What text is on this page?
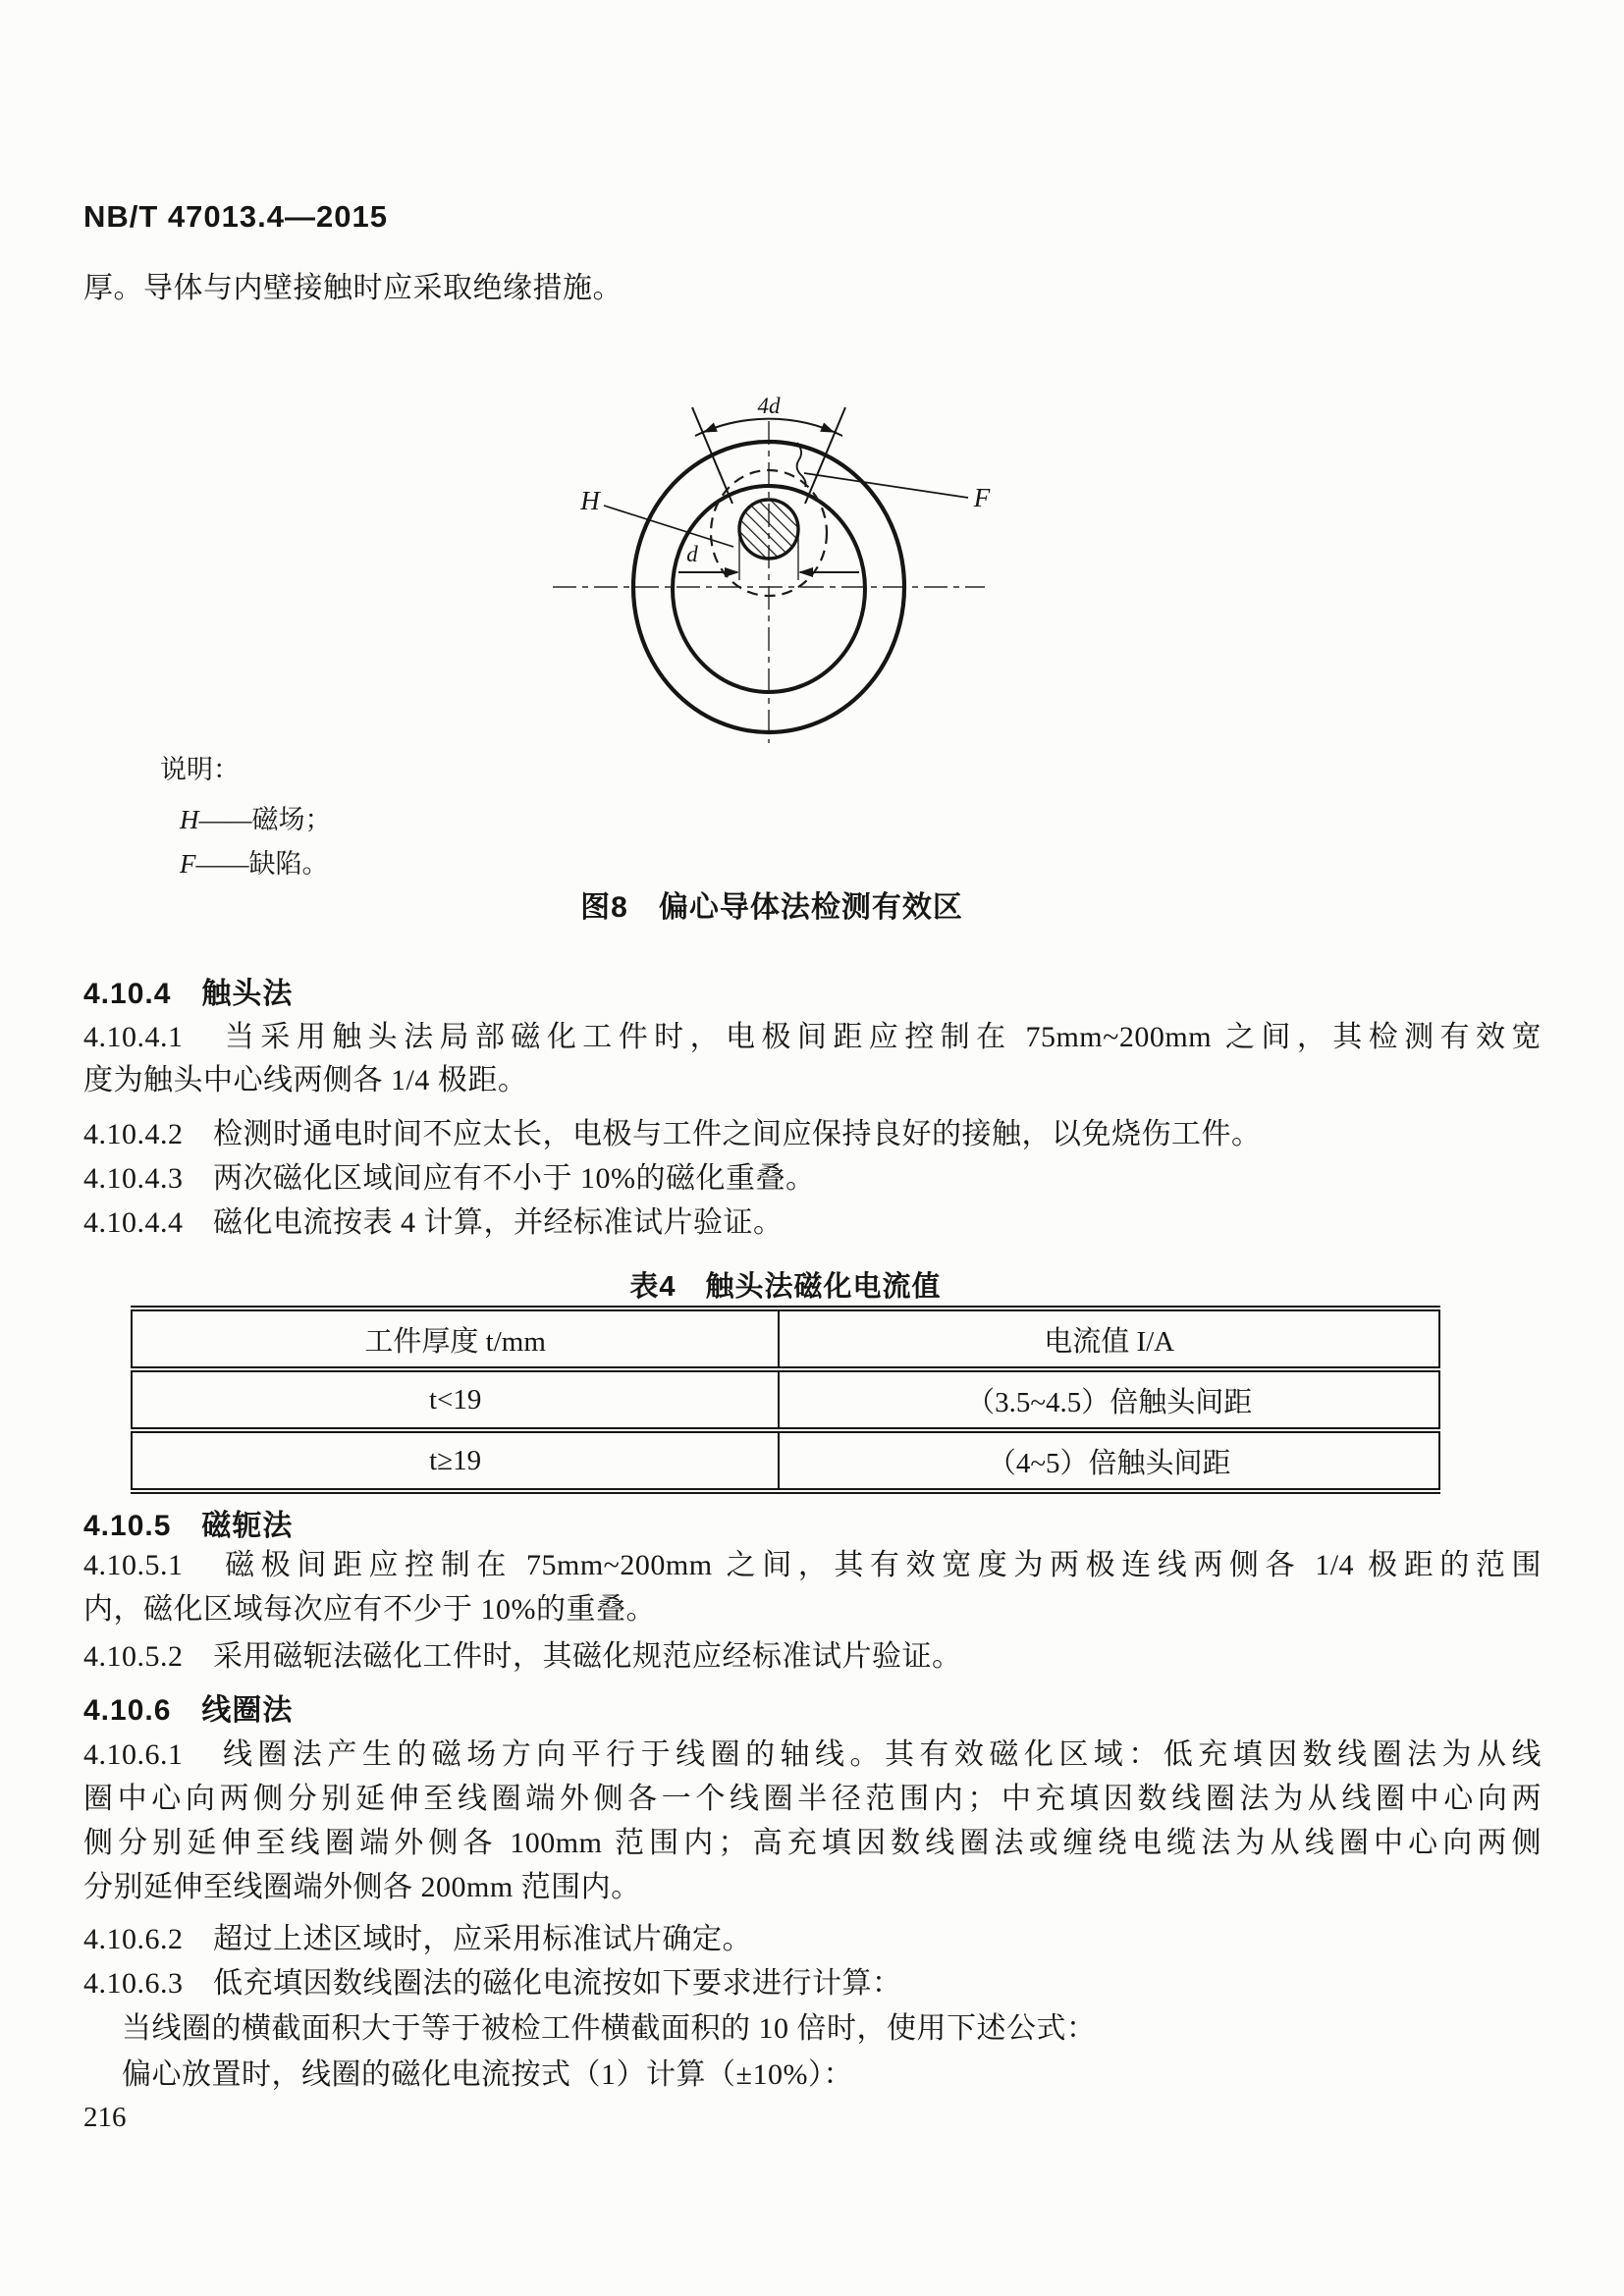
NB/T 47013.4—2015
厚。导体与内壁接触时应采取绝缘措施。
4d
H	F
d
说明：
H——磁场；
F——缺陷。
图8　偏心导体法检测有效区
4.10.4　触头法
4.10.4.1　当采用触头法局部磁化工件时，电极间距应控制在 75mm~200mm 之间，其检测有效宽
度为触头中心线两侧各 1/4 极距。
4.10.4.2　检测时通电时间不应太长，电极与工件之间应保持良好的接触，以免烧伤工件。
4.10.4.3　两次磁化区域间应有不小于 10%的磁化重叠。
4.10.4.4　磁化电流按表 4 计算，并经标准试片验证。
表4　触头法磁化电流值
工件厚度 t/mm	电流值 I/A
t<19	（3.5~4.5）倍触头间距
t≥19	（4~5）倍触头间距
4.10.5　磁轭法
4.10.5.1　磁极间距应控制在 75mm~200mm 之间，其有效宽度为两极连线两侧各 1/4 极距的范围
内，磁化区域每次应有不少于 10%的重叠。
4.10.5.2　采用磁轭法磁化工件时，其磁化规范应经标准试片验证。
4.10.6　线圈法
4.10.6.1　线圈法产生的磁场方向平行于线圈的轴线。其有效磁化区域：低充填因数线圈法为从线
圈中心向两侧分别延伸至线圈端外侧各一个线圈半径范围内；中充填因数线圈法为从线圈中心向两
侧分别延伸至线圈端外侧各 100mm 范围内；高充填因数线圈法或缠绕电缆法为从线圈中心向两侧
分别延伸至线圈端外侧各 200mm 范围内。
4.10.6.2　超过上述区域时，应采用标准试片确定。
4.10.6.3　低充填因数线圈法的磁化电流按如下要求进行计算：
当线圈的横截面积大于等于被检工件横截面积的 10 倍时，使用下述公式：
偏心放置时，线圈的磁化电流按式（1）计算（±10%）：
216
